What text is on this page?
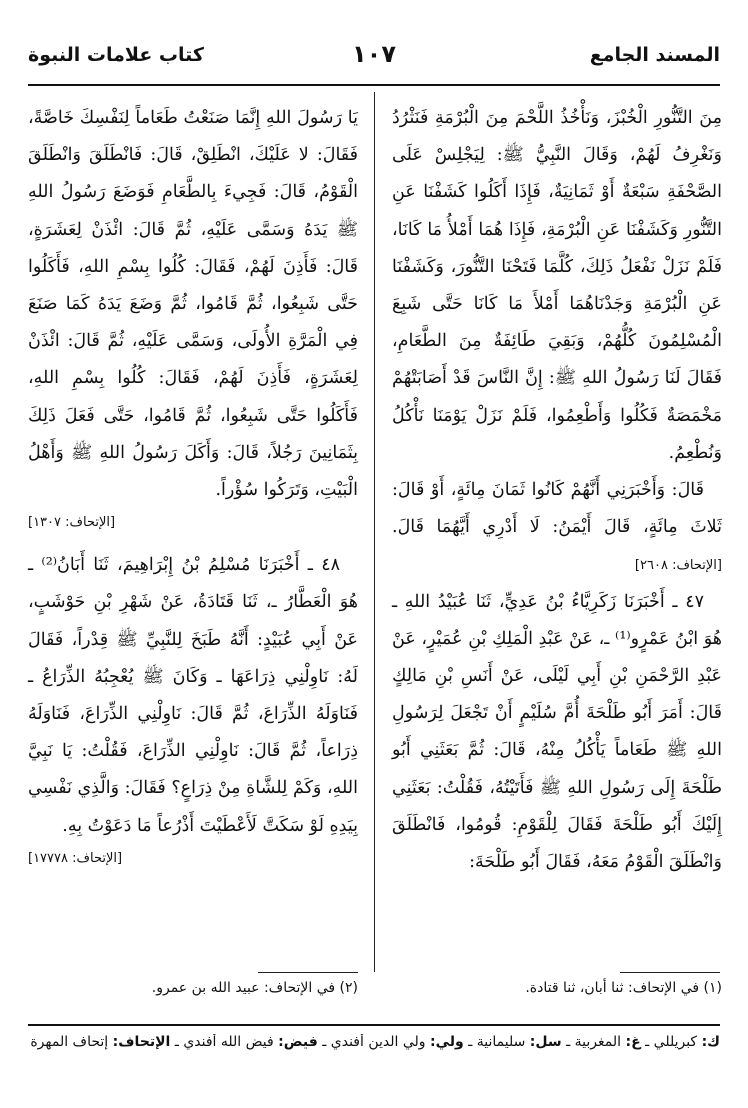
المسند الجامع
١٠٧
كتاب علامات النبوة

مِنَ التَّنُّورِ الْخُبْزَ، وَنَأْخُذُ اللَّحْمَ مِنَ الْبُرْمَةِ فَنَثْرُدُ وَنَغْرِفُ لَهُمْ، وَقَالَ النَّبِيُّ ﷺ: لِيَجْلِسْ عَلَى الصَّحْفَةِ سَبْعَةٌ أَوْ ثَمَانِيَةٌ، فَإِذَا أَكَلُوا كَشَفْنَا عَنِ التَّنُّورِ وَكَشَفْنَا عَنِ الْبُرْمَةِ، فَإِذَا هُمَا أَمْلأُ مَا كَانَا، فَلَمْ نَزَلْ نَفْعَلُ ذَلِكَ، كُلَّمَا فَتَحْنَا التَّنُّورَ، وَكَشَفْنَا عَنِ الْبُرْمَةِ وَجَدْنَاهُمَا أَمْلأَ مَا كَانَا حَتَّى شَبِعَ الْمُسْلِمُونَ كُلُّهُمْ، وَبَقِيَ طَائِفَةٌ مِنَ الطَّعَامِ، فَقَالَ لَنَا رَسُولُ اللهِ ﷺ: إِنَّ النَّاسَ قَدْ أَصَابَتْهُمْ مَخْمَصَةٌ فَكُلُوا وَأَطْعِمُوا، فَلَمْ نَزَلْ يَوْمَنَا نَأْكُلُ وَنُطْعِمُ.

قَالَ: وَأَخْبَرَنِي أَنَّهُمْ كَانُوا ثَمَانَ مِائَةٍ، أَوْ قَالَ: ثَلاثَ مِائَةٍ، قَالَ أَيْمَنُ: لَا أَدْرِي أَيَّهُمَا قَالَ. [الإتحاف: ٢٦٠٨]

٤٧ ـ أَخْبَرَنَا زَكَرِيَّاءُ بْنُ عَدِيٍّ، ثَنَا عُبَيْدُ اللهِ ـ هُوَ ابْنُ عَمْرٍو⁽¹⁾ ـ، عَنْ عَبْدِ الْمَلِكِ بْنِ عُمَيْرٍ، عَنْ عَبْدِ الرَّحْمَنِ بْنِ أَبِي لَيْلَى، عَنْ أَنَسِ بْنِ مَالِكٍ قَالَ: أَمَرَ أَبُو طَلْحَةَ أُمَّ سُلَيْمٍ أَنْ تَجْعَلَ لِرَسُولِ اللهِ ﷺ طَعَاماً يَأْكُلُ مِنْهُ، قَالَ: ثُمَّ بَعَثَنِي أَبُو طَلْحَةَ إِلَى رَسُولِ اللهِ ﷺ فَأَتَيْتُهُ، فَقُلْتُ: بَعَثَنِي إِلَيْكَ أَبُو طَلْحَةَ فَقَالَ لِلْقَوْمِ: قُومُوا، فَانْطَلَقَ وَانْطَلَقَ الْقَوْمُ مَعَهُ، فَقَالَ أَبُو طَلْحَةَ:

يَا رَسُولَ اللهِ إِنَّمَا صَنَعْتُ طَعَاماً لِنَفْسِكَ خَاصَّةً، فَقَالَ: لا عَلَيْكَ، انْطَلِقْ، قَالَ: فَانْطَلَقَ وَانْطَلَقَ الْقَوْمُ، قَالَ: فَجِيءَ بِالطَّعَامِ فَوَضَعَ رَسُولُ اللهِ ﷺ يَدَهُ وَسَمَّى عَلَيْهِ، ثُمَّ قَالَ: ائْذَنْ لِعَشَرَةٍ، قَالَ: فَأَذِنَ لَهُمْ، فَقَالَ: كُلُوا بِسْمِ اللهِ، فَأَكَلُوا حَتَّى شَبِعُوا، ثُمَّ قَامُوا، ثُمَّ وَضَعَ يَدَهُ كَمَا صَنَعَ فِي الْمَرَّةِ الأُولَى، وَسَمَّى عَلَيْهِ، ثُمَّ قَالَ: ائْذَنْ لِعَشَرَةٍ، فَأَذِنَ لَهُمْ، فَقَالَ: كُلُوا بِسْمِ اللهِ، فَأَكَلُوا حَتَّى شَبِعُوا، ثُمَّ قَامُوا، حَتَّى فَعَلَ ذَلِكَ بِثَمَانِينَ رَجُلاً، قَالَ: وَأَكَلَ رَسُولُ اللهِ ﷺ وَأَهْلُ الْبَيْتِ، وَتَرَكُوا سُؤْراً.

[الإتحاف: ١٣٠٧]

٤٨ ـ أَخْبَرَنَا مُسْلِمُ بْنُ إِبْرَاهِيمَ، ثَنَا أَبَانُ⁽²⁾ ـ هُوَ الْعَطَّارُ ـ، ثَنَا قَتَادَةُ، عَنْ شَهْرِ بْنِ حَوْشَبٍ، عَنْ أَبِي عُبَيْدٍ: أَنَّهُ طَبَخَ لِلنَّبِيِّ ﷺ قِدْراً، فَقَالَ لَهُ: نَاوِلْنِي ذِرَاعَهَا ـ وَكَانَ ﷺ يُعْجِبُهُ الذِّرَاعُ ـ فَنَاوَلَهُ الذِّرَاعَ، ثُمَّ قَالَ: نَاوِلْنِي الذِّرَاعَ، فَنَاوَلَهُ ذِرَاعاً، ثُمَّ قَالَ: نَاوِلْنِي الذِّرَاعَ، فَقُلْتُ: يَا نَبِيَّ اللهِ، وَكَمْ لِلشَّاةِ مِنْ ذِرَاعٍ؟ فَقَالَ: وَالَّذِي نَفْسِي بِيَدِهِ لَوْ سَكَتَّ لَأَعْطَيْتَ أَذْرُعاً مَا دَعَوْتُ بِهِ.

[الإتحاف: ١٧٧٧٨]
(١) في الإتحاف: ثنا أبان، ثنا قتادة.
(٢) في الإتحاف: عبيد الله بن عمرو.
ك: كبريللي ـ غ: المغربية ـ سل: سليمانية ـ ولي: ولي الدين أفندي ـ فيض: فيض الله أفندي ـ الإتحاف: إتحاف المهرة
